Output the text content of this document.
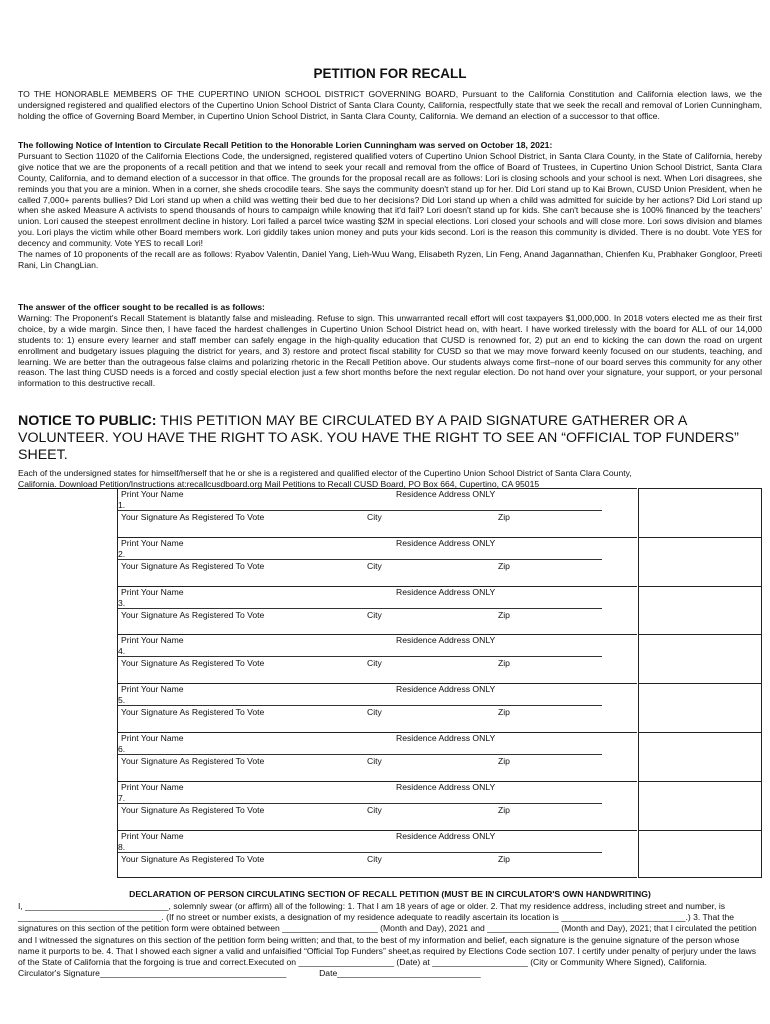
PETITION FOR RECALL

TO THE HONORABLE MEMBERS OF THE CUPERTINO UNION SCHOOL DISTRICT GOVERNING BOARD, Pursuant to the California Constitution and California election laws, we the undersigned registered and qualified electors of the Cupertino Union School District of Santa Clara County, California, respectfully state that we seek the recall and removal of Lorien Cunningham, holding the office of Governing Board Member, in Cupertino Union School District, in Santa Clara County, California. We demand an election of a successor to that office.

The following Notice of Intention to Circulate Recall Petition to the Honorable Lorien Cunningham was served on October 18, 2021:
Pursuant to Section 11020 of the California Elections Code, the undersigned, registered qualified voters of Cupertino Union School District, in Santa Clara County, in the State of California, hereby give notice that we are the proponents of a recall petition and that we intend to seek your recall and removal from the office of Board of Trustees, in Cupertino Union School District, Santa Clara County, California, and to demand election of a successor in that office. The grounds for the proposal recall are as follows: Lori is closing schools and your school is next. When Lori disagrees, she reminds you that you are a minion. When in a corner, she sheds crocodile tears. She says the community doesn't stand up for her. Did Lori stand up to Kai Brown, CUSD Union President, when he called 7,000+ parents bullies? Did Lori stand up when a child was wetting their bed due to her decisions? Did Lori stand up when a child was admitted for suicide by her actions? Did Lori stand up when she asked Measure A activists to spend thousands of hours to campaign while knowing that it'd fail? Lori doesn't stand up for kids. She can't because she is 100% financed by the teachers' union. Lori caused the steepest enrollment decline in history. Lori failed a parcel twice wasting $2M in special elections. Lori closed your schools and will close more. Lori sows division and blames you. Lori plays the victim while other Board members work. Lori giddily takes union money and puts your kids second. Lori is the reason this community is divided. There is no doubt. Vote YES for decency and community. Vote YES to recall Lori!
The names of 10 proponents of the recall are as follows: Ryabov Valentin, Daniel Yang, Lieh-Wuu Wang, Elisabeth Ryzen, Lin Feng, Anand Jagannathan, Chienfen Ku, Prabhaker Gongloor, Preeti Rani, Lin ChangLian.
The answer of the officer sought to be recalled is as follows:
Warning: The Proponent's Recall Statement is blatantly false and misleading. Refuse to sign. This unwarranted recall effort will cost taxpayers $1,000,000. In 2018 voters elected me as their first choice, by a wide margin. Since then, I have faced the hardest challenges in Cupertino Union School District head on, with heart. I have worked tirelessly with the board for ALL of our 14,000 students to: 1) ensure every learner and staff member can safely engage in the high-quality education that CUSD is renowned for, 2) put an end to kicking the can down the road on urgent enrollment and budgetary issues plaguing the district for years, and 3) restore and protect fiscal stability for CUSD so that we may move forward keenly focused on our students, teaching, and learning. We are better than the outrageous false claims and polarizing rhetoric in the Recall Petition above. Our students always come first–none of our board serves this community for any other reason. The last thing CUSD needs is a forced and costly special election just a few short months before the next regular election. Do not hand over your signature, your support, or your personal information to this destructive recall.
NOTICE TO PUBLIC: THIS PETITION MAY BE CIRCULATED BY A PAID SIGNATURE GATHERER OR A VOLUNTEER. YOU HAVE THE RIGHT TO ASK. YOU HAVE THE RIGHT TO SEE AN “OFFICIAL TOP FUNDERS” SHEET.
Each of the undersigned states for himself/herself that he or she is a registered and qualified elector of the Cupertino Union School District of Santa Clara County,
California. Download Petition/Instructions at:recallcusdboard.org Mail Petitions to Recall CUSD Board, PO Box 664, Cupertino, CA 95015
Print Your Name	Residence Address ONLY
1.
Your Signature As Registered To Vote	City	Zip
Print Your Name	Residence Address ONLY
2.
Your Signature As Registered To Vote	City	Zip
Print Your Name	Residence Address ONLY
3.
Your Signature As Registered To Vote	City	Zip
Print Your Name	Residence Address ONLY
4.
Your Signature As Registered To Vote	City	Zip
Print Your Name	Residence Address ONLY
5.
Your Signature As Registered To Vote	City	Zip
Print Your Name	Residence Address ONLY
6.
Your Signature As Registered To Vote	City	Zip
Print Your Name	Residence Address ONLY
7.
Your Signature As Registered To Vote	City	Zip
Print Your Name	Residence Address ONLY
8.
Your Signature As Registered To Vote	City	Zip
DECLARATION OF PERSON CIRCULATING SECTION OF RECALL PETITION (MUST BE IN CIRCULATOR'S OWN HANDWRITING)

I, ______________________________, solemnly swear (or affirm) all of the following: 1. That I am 18 years of age or older. 2. That my residence address, including street and number, is ______________________________. (If no street or number exists, a designation of my residence adequate to readily ascertain its location is __________________________.) 3. That the signatures on this section of the petition form were obtained between ____________________ (Month and Day), 2021 and _______________ (Month and Day), 2021; that I circulated the petition and I witnessed the signatures on this section of the petition form being written; and that, to the best of my information and belief, each signature is the genuine signature of the person whose name it purports to be. 4. That I showed each signer a valid and unfaisified “Official Top Funders” sheet,as required by Elections Code section 107. I certify under penalty of perjury under the laws of the State of California that the forgoing is true and correct.Executed on ____________________ (Date) at ____________________ (City or Community Where Signed), California.
Circulator's Signature_______________________________________	Date______________________________
